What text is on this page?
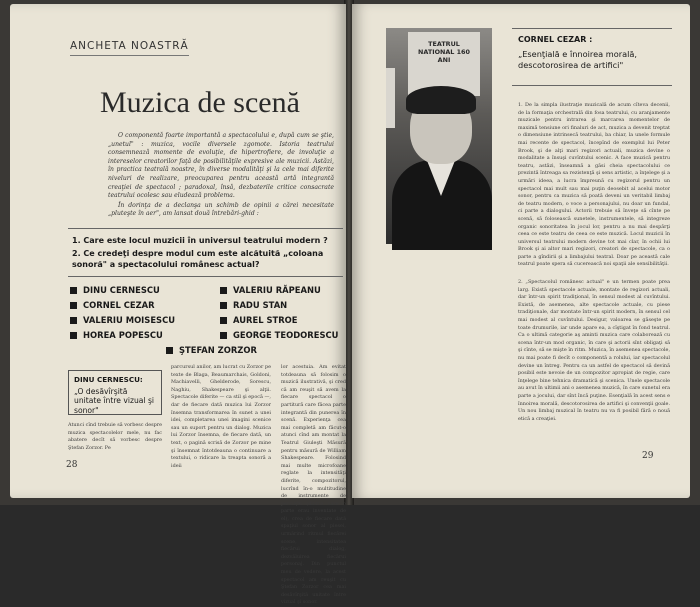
ANCHETA NOASTRĂ
Muzica de scenă

O componentă foarte importantă a spectacolului e, după cum se ştie, „unetul" : muzica, vocile diversele zgomote. Istoria teatrului consemnează momente de evoluţie, de hipertrofiere, de involuţie a intereselor creatorilor faţă de posibilităţile expresive ale muzicii. Astăzi, în practica teatrală noastre, în diverse modalităţi şi la cele mai diferite niveluri de realizare, preocuparea pentru această artă integrantă creaţiei de spectacol ; paradoxal, însă, dezbaterile critice consacrate teatrului ocolesc sau eludează problema.

În dorinţa de a declanşa un schimb de opinii a cărei necesitate „pluteşte în aer", am lansat două întrebări-ghid :

1. Care este locul muzicii în universul teatrului modern ?
2. Ce credeţi despre modul cum este alcătuită „coloana sonoră" a spectacolului românesc actual?
DINU CERNESCU	VALERIU RĂPEANU
CORNEL CEZAR	RADU STAN
VALERIU MOISESCU	AUREL STROE
HOREA POPESCU	GEORGE TEODORESCU
ŞTEFAN ZORZOR
DINU CERNESCU:
„O desăvîrşită unitate între vizual şi sonor"
Atunci cînd trebuie să vorbesc despre muzica spectacolelor mele, nu fac abatere decît să vorbesc despre Ştefan Zorzor. Pe
parcursul anilor, am lucrat cu Zorzor pe texte de Blaga, Beaumarchais, Goldoni, Machiavelli, Ghelderode, Sorescu, Naghiu, Shakespeare şi alţii. Spectacole diferite — ca stil şi epocă —, dar de fiecare dată muzica lui Zorzor însemna transformarea în sunet a unei idei, completarea unei imagini scenice sau un suport pentru un dialog. Muzica lui Zorzor însemna, de fiecare dată, un text, o pagină scrisă de Zorzor pe mine şi însemnat întotdeauna o continuare a textului, o ridicare la treapta sonoră a ideii
lor acestuia. Am evitat totdeauna să folosim o muzică ilustrativă, şi cred că am reuşit să avem la fiecare spectacol o partitură care făcea parte integrantă din punerea în scenă. Experienţa cea mai completă am făcut-o atunci cînd am montat la Teatrul Giuleşti Măsură pentru măsură de William Shakespeare. Folosind mai multe microfoane reglate la intensităţi diferite, compozitorul, lucrînd în-o multitudine de instrumente de percuţie (dintre care o parte erau inventate de el), crea de fiecare dată spaţiul sonor al piesei, urmărind ritmul fiecărei scene, intensitatea fiecărui dialog, dezvăluirea fiecărui personaj. Din punctul meu de vedere, la acest spectacol am reuşit cu Ştefan Zorzor cea mai desăvîrşită unitate între vizual şi sonor.
28
TEATRUL NATIONAL 160 ANI
CORNEL CEZAR :
„Esenţială e înnoirea morală, descotorosirea de artifici"
1. De la simpla ilustraţie muzicală de acum cîteva decenii, de la formaţia orchestrală din fosa teatrului, cu aranjamente muzicale pentru intrarea şi marcarea momentelor de maximă tensiune ori finaluri de act, muzica a devenit treptat o dimensiune intrinsecă teatrului, ba chiar, la unele formule mai recente de spectacol, începînd de exemplul lui Peter Brook, şi de alţi mari regizori actuali, muzica devine o modalitate a însuşi cuvîntului scenic. A face muzică pentru teatru, astăzi, înseamnă a găsi cheia spectacolului ce prezintă întreaga sa rezistenţă şi sens artistic, a înţelege şi a urmări ideea, a lucra împreună cu regizorul pentru un spectacol mai mult sau mai puţin deosebit al acelui motor sonor, pentru ca muzica să poată deveni un veritabil limbaj de teatru modern, o voce a personajului, nu doar un fundal, ci parte a dialogului. Actorii trebuie să înveţe să cînte pe scenă, să folosească sunetele, instrumentele, să integreze organic sonoritatea în jocul lor, pentru a nu mai despărţi ceea ce este teatru de ceea ce este muzică. Locul muzicii în universul teatrului modern devine tot mai clar, în ochii lui Brook şi ai altor mari regizori, creatori de spectacole, ca o parte a gîndirii şi a limbajului teatral. Doar pe această cale teatrul poate spera să cucerească noi spaţii ale sensibilităţii.
2. „Spectacolul românesc actual" e un termen poate prea larg. Există spectacole actuale, montate de regizori actuali, dar într-un spirit tradiţional, în sensul modest al cuvîntului. Există, de asemenea, alte spectacole actuale, cu piese tradiţionale, dar montate într-un spirit modern, în sensul cel mai modest al cuvîntului. Desigur, valoarea se găseşte pe toate drumurile, iar unde apare ea, a cîştigat în fond teatrul. Ca o ultimă categorie aş aminti muzica care colaborează cu scena într-un mod organic, în care şi actorii sînt obligaţi să şi cînte, să se mişte în ritm. Muzica, în asemenea spectacole, nu mai poate fi decît o componentă a rolului, iar spectacolul devine un întreg. Pentru ca un astfel de spectacol să devină posibil este nevoie de un compozitor apropiat de regie, care înţelege bine tehnica dramatică şi scenica. Unele spectacole au avut în ultimii ani o asemenea muzică, în care sunetul era parte a jocului, dar sînt încă puţine. Esenţială în acest sens e înnoirea morală, descotorosirea de artifici şi convenţii goale. Un nou limbaj muzical în teatru nu va fi posibil fără o nouă etică a creaţiei.
29
